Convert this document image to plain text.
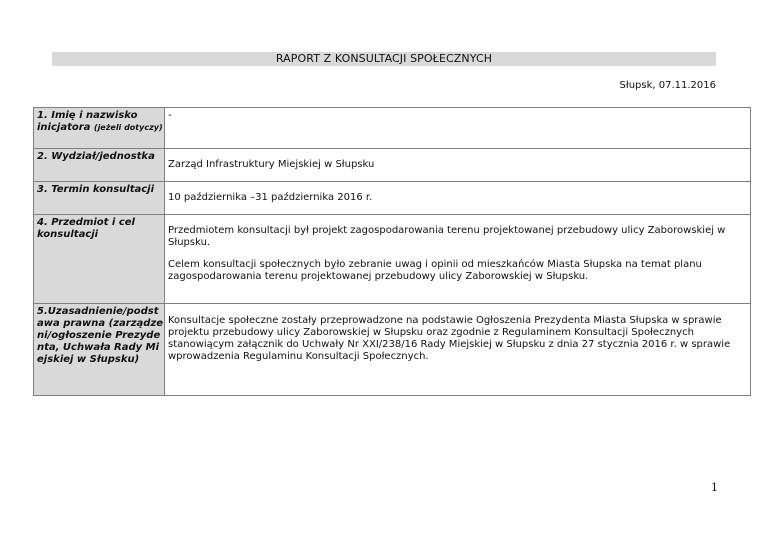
RAPORT Z KONSULTACJI SPOŁECZNYCH
Słupsk, 07.11.2016
1. Imię i nazwisko inicjatora (jeżeli dotyczy)	-
2. Wydział/jednostka	Zarząd Infrastruktury Miejskiej w Słupsku

3. Termin konsultacji	10 października –31 października 2016 r.

4. Przedmiot i cel konsultacji	Przedmiotem konsultacji był projekt zagospodarowania terenu projektowanej przebudowy ulicy Zaborowskiej w Słupsku.

Celem konsultacji społecznych było zebranie uwag i opinii od mieszkańców Miasta Słupska na temat planu zagospodarowania terenu projektowanej przebudowy ulicy Zaborowskiej w Słupsku.

5.Uzasadnienie/podstawa prawna (zarządzeni/ogłoszenie Prezydenta, Uchwała Rady Miejskiej w Słupsku)	Konsultacje społeczne zostały przeprowadzone na podstawie Ogłoszenia Prezydenta Miasta Słupska w sprawie projektu przebudowy ulicy Zaborowskiej w Słupsku oraz zgodnie z Regulaminem Konsultacji Społecznych stanowiącym załącznik do Uchwały Nr XXI/238/16 Rady Miejskiej w Słupsku z dnia 27 stycznia 2016 r. w sprawie wprowadzenia Regulaminu Konsultacji Społecznych.
1
